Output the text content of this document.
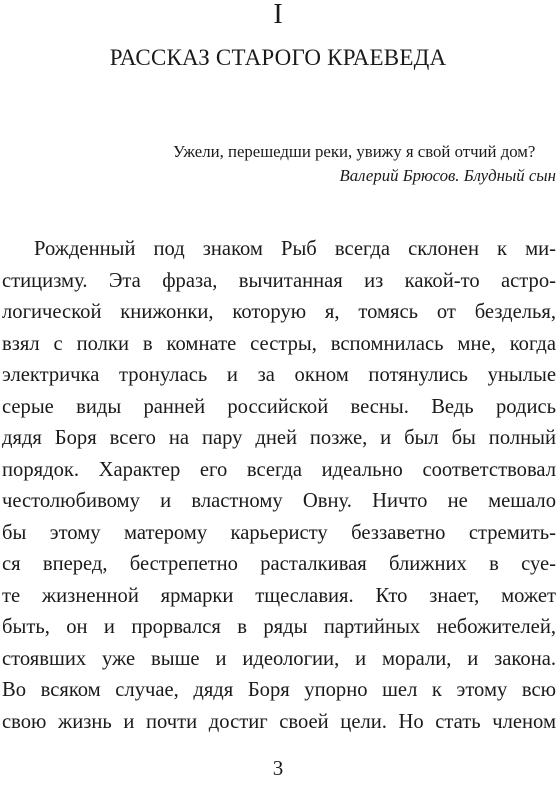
I
РАССКАЗ СТАРОГО КРАЕВЕДА

Ужели, перешедши реки, увижу я свой отчий дом?

Валерий Брюсов. Блудный сын

Рожденный под знаком Рыб всегда склонен к ми-
стицизму. Эта фраза, вычитанная из какой-то астро-
логической книжонки, которую я, томясь от безделья,
взял с полки в комнате сестры, вспомнилась мне, когда
электричка тронулась и за окном потянулись унылые
серые виды ранней российской весны. Ведь родись
дядя Боря всего на пару дней позже, и был бы полный
порядок. Характер его всегда идеально соответствовал
честолюбивому и властному Овну. Ничто не мешало
бы этому матерому карьеристу беззаветно стремить-
ся вперед, бестрепетно расталкивая ближних в суе-
те жизненной ярмарки тщеславия. Кто знает, может
быть, он и прорвался в ряды партийных небожителей,
стоявших уже выше и идеологии, и морали, и закона.
Во всяком случае, дядя Боря упорно шел к этому всю
свою жизнь и почти достиг своей цели. Но стать членом
3
